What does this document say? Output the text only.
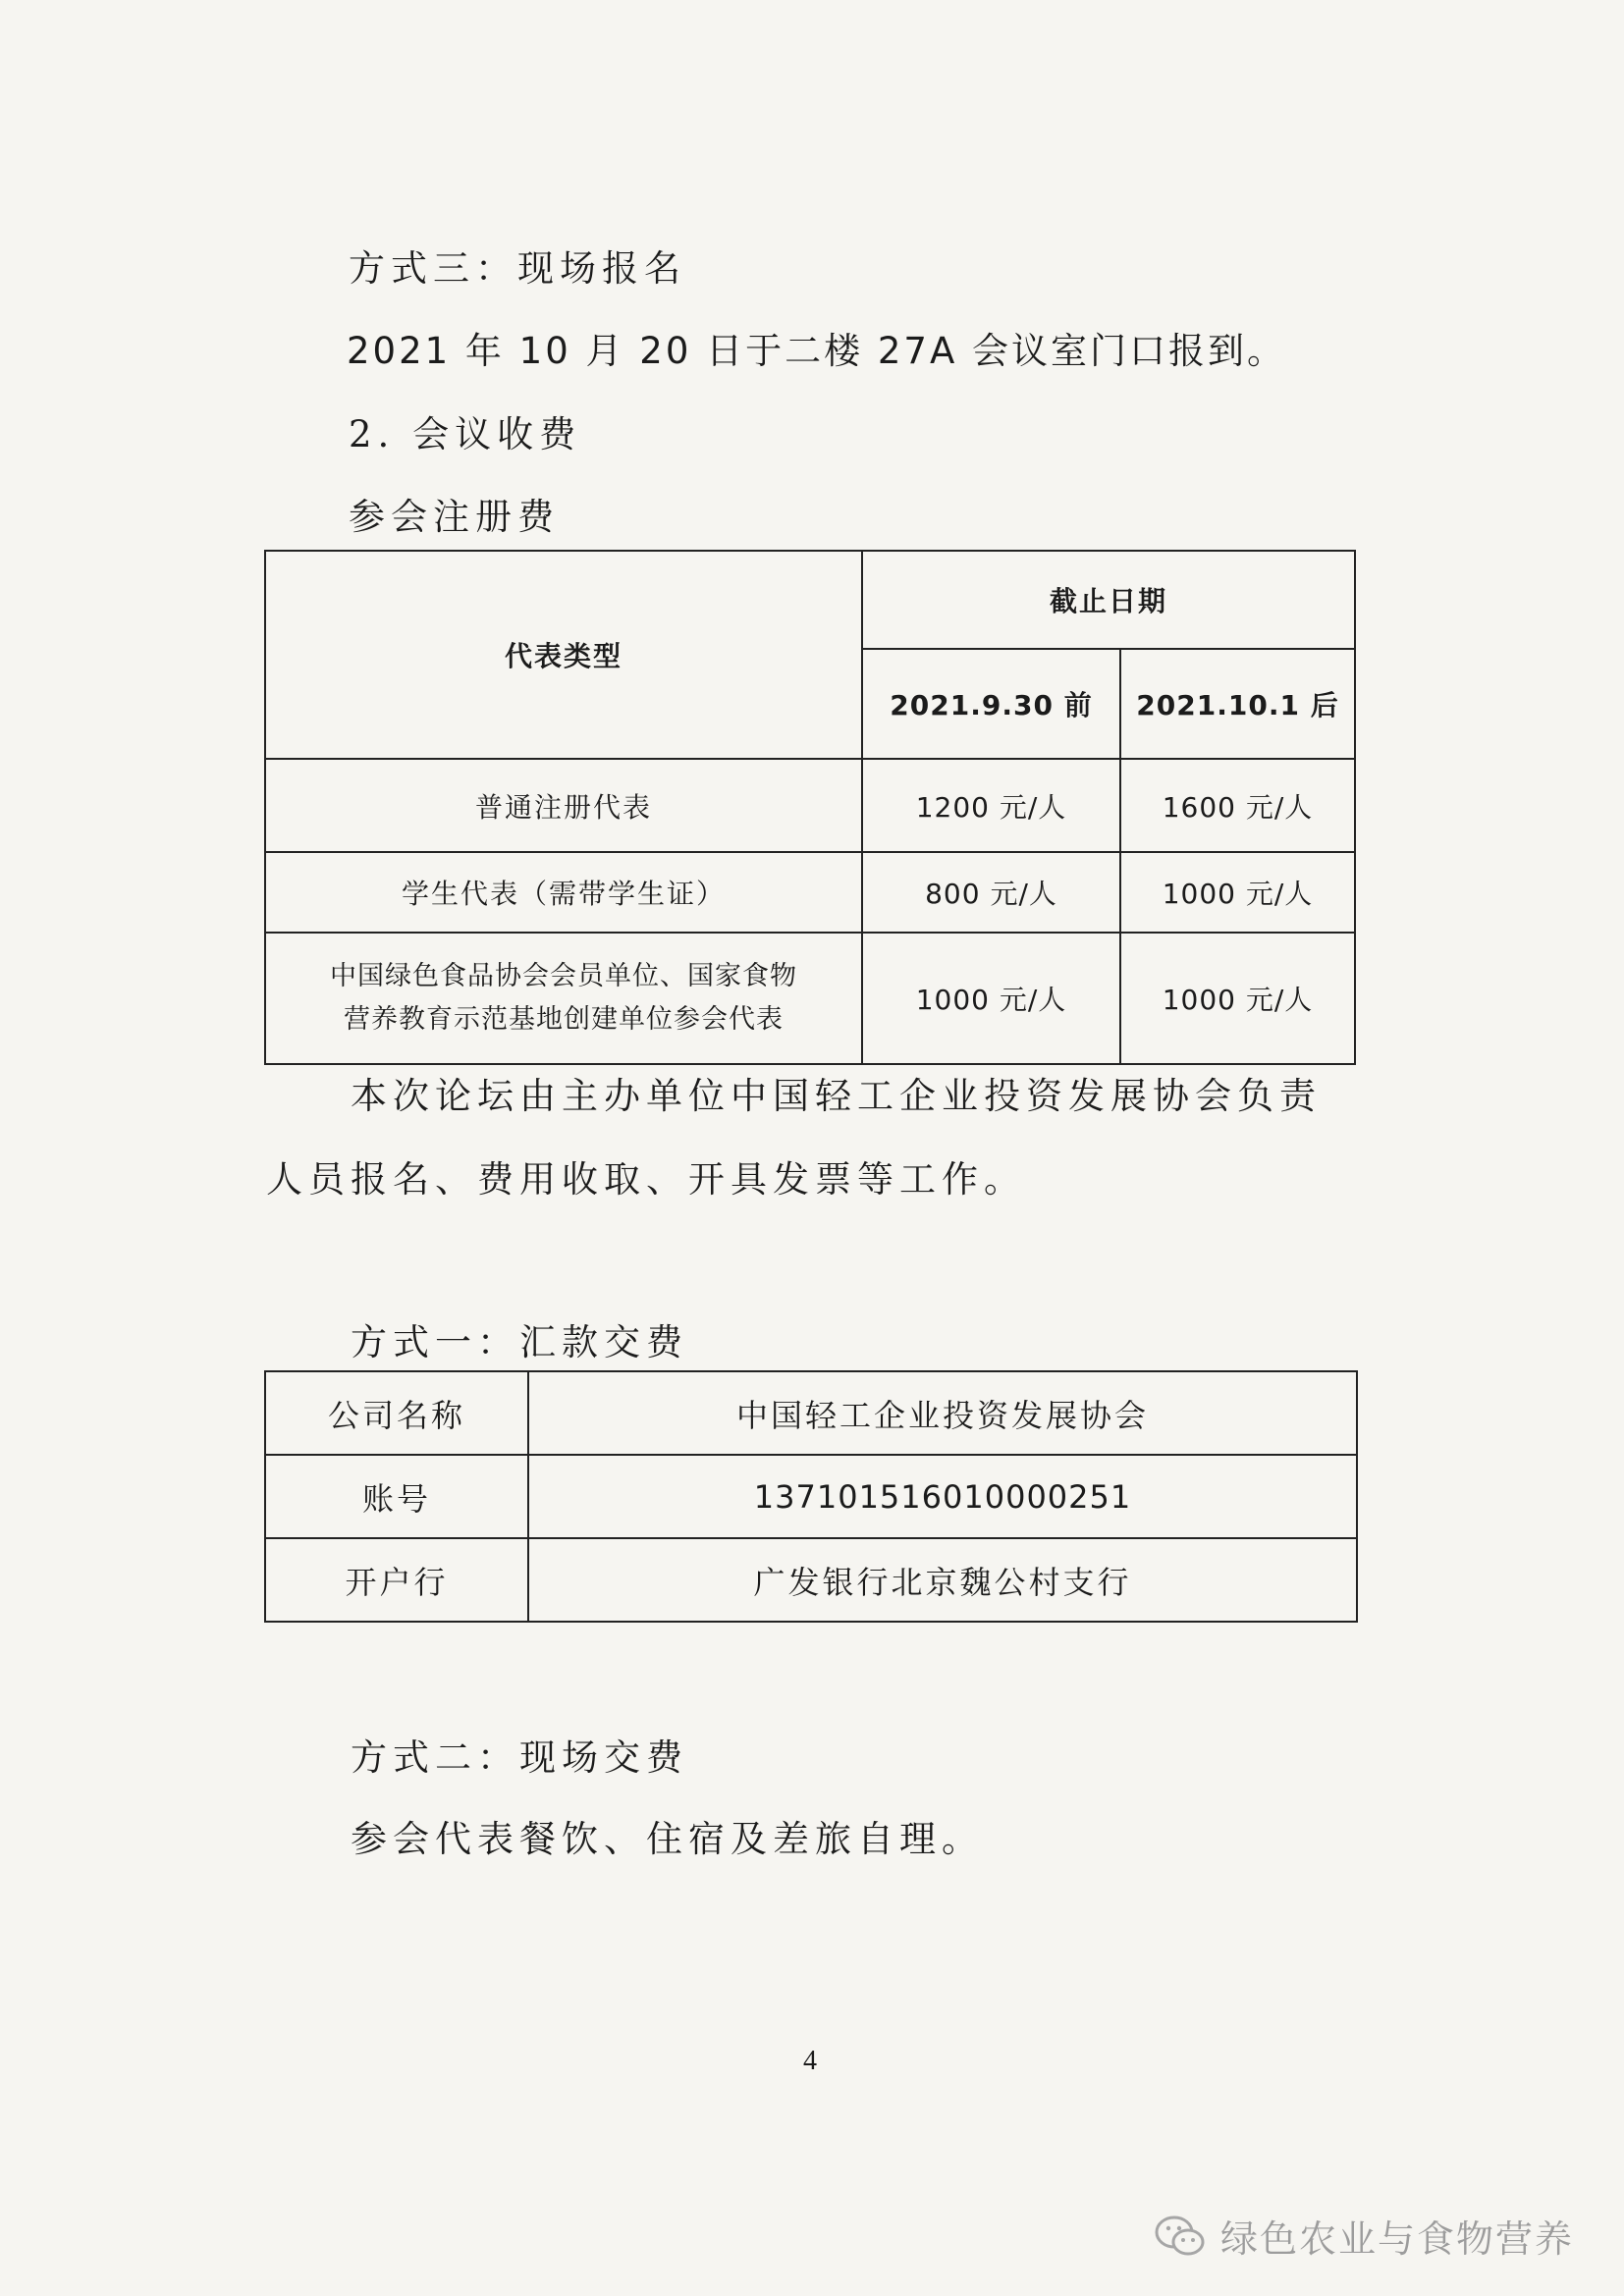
方式三：现场报名
2021 年 10 月 20 日于二楼 27A 会议室门口报到。
2. 会议收费
参会注册费
代表类型	截止日期	
	2021.9.30 前	2021.10.1 后
普通注册代表	1200 元/人	1600 元/人
学生代表（需带学生证）	800 元/人	1000 元/人

中国绿色食品协会会员单位、国家食物
营养教育示范基地创建单位参会代表	1000 元/人	1000 元/人
本次论坛由主办单位中国轻工企业投资发展协会负责
人员报名、费用收取、开具发票等工作。
方式一：汇款交费
公司名称	中国轻工企业投资发展协会
账号	137101516010000251
开户行	广发银行北京魏公村支行
方式二：现场交费
参会代表餐饮、住宿及差旅自理。
4
绿色农业与食物营养
